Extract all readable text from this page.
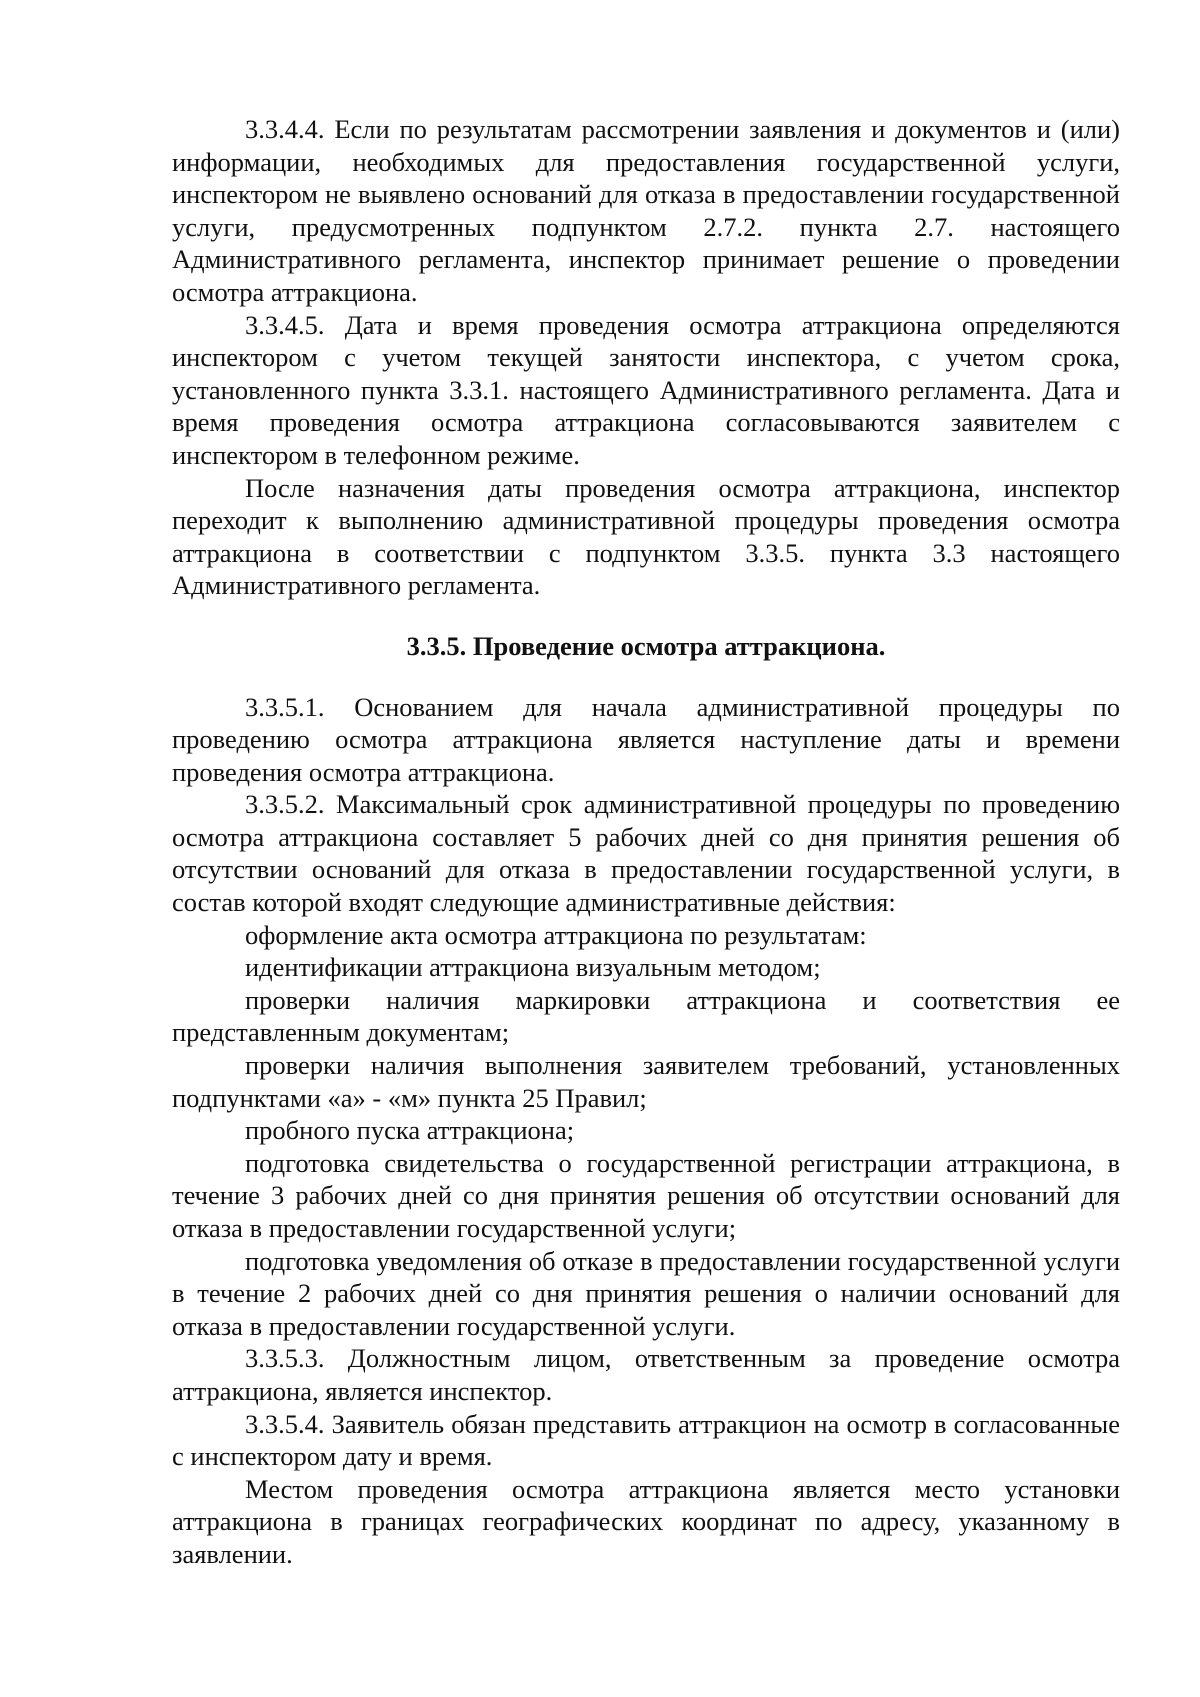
3.3.4.4. Если по результатам рассмотрении заявления и документов и (или) информации, необходимых для предоставления государственной услуги, инспектором не выявлено оснований для отказа в предоставлении государственной услуги, предусмотренных подпунктом 2.7.2. пункта 2.7. настоящего Административного регламента, инспектор принимает решение о проведении осмотра аттракциона.

3.3.4.5. Дата и время проведения осмотра аттракциона определяются инспектором с учетом текущей занятости инспектора, с учетом срока, установленного пункта 3.3.1. настоящего Административного регламента. Дата и время проведения осмотра аттракциона согласовываются заявителем с инспектором в телефонном режиме.

После назначения даты проведения осмотра аттракциона, инспектор переходит к выполнению административной процедуры проведения осмотра аттракциона в соответствии с подпунктом 3.3.5. пункта 3.3 настоящего Административного регламента.

3.3.5. Проведение осмотра аттракциона.

3.3.5.1. Основанием для начала административной процедуры по проведению осмотра аттракциона является наступление даты и времени проведения осмотра аттракциона.

3.3.5.2. Максимальный срок административной процедуры по проведению осмотра аттракциона составляет 5 рабочих дней со дня принятия решения об отсутствии оснований для отказа в предоставлении государственной услуги, в состав которой входят следующие административные действия:

оформление акта осмотра аттракциона по результатам:

идентификации аттракциона визуальным методом;

проверки наличия маркировки аттракциона и соответствия ее представленным документам;

проверки наличия выполнения заявителем требований, установленных подпунктами «а» - «м» пункта 25 Правил;

пробного пуска аттракциона;

подготовка свидетельства о государственной регистрации аттракциона, в течение 3 рабочих дней со дня принятия решения об отсутствии оснований для отказа в предоставлении государственной услуги;

подготовка уведомления об отказе в предоставлении государственной услуги в течение 2 рабочих дней со дня принятия решения о наличии оснований для отказа в предоставлении государственной услуги.

3.3.5.3. Должностным лицом, ответственным за проведение осмотра аттракциона, является инспектор.

3.3.5.4. Заявитель обязан представить аттракцион на осмотр в согласованные с инспектором дату и время.

Местом проведения осмотра аттракциона является место установки аттракциона в границах географических координат по адресу, указанному в заявлении.
